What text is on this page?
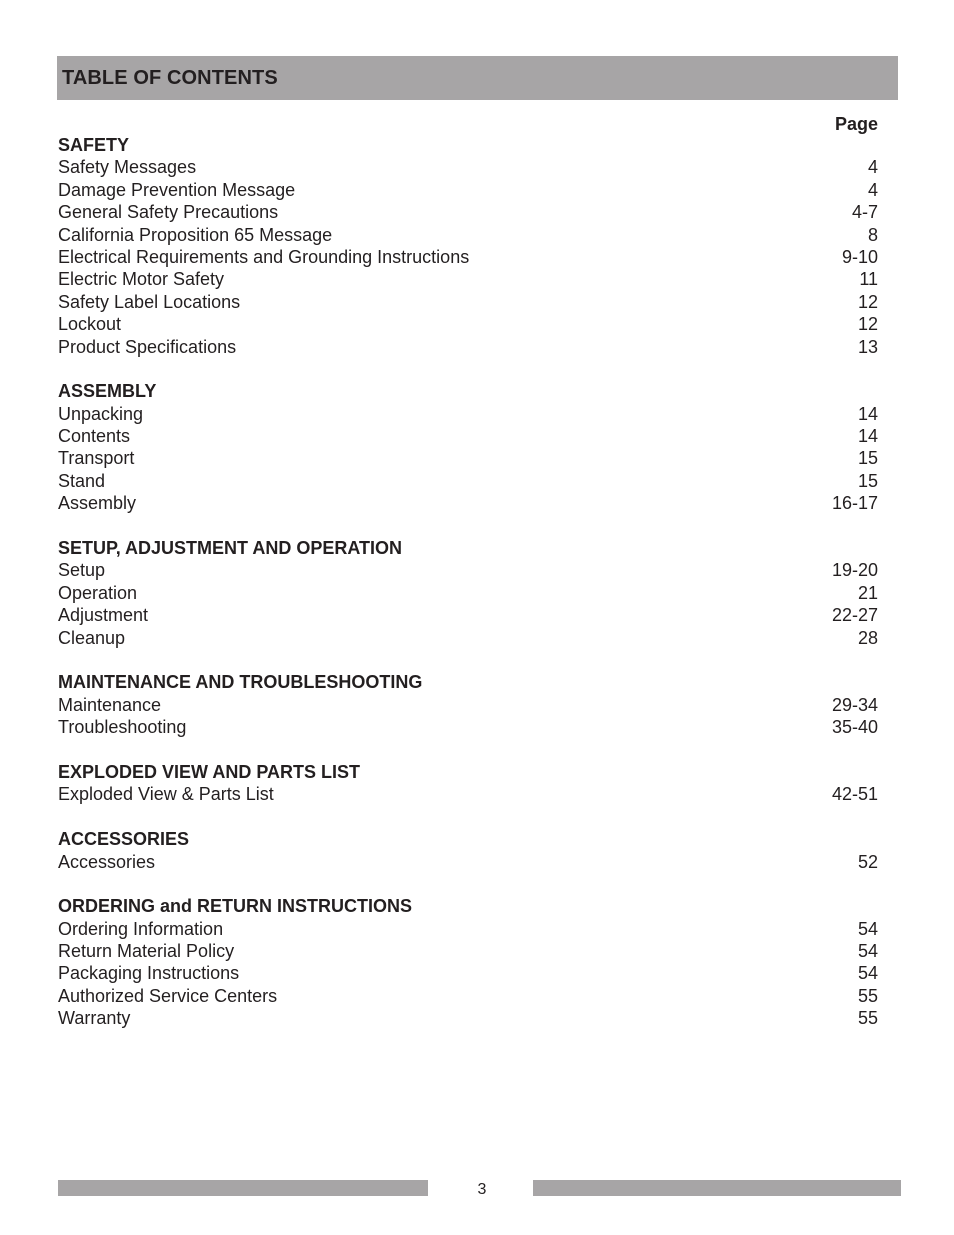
TABLE OF CONTENTS
Page
SAFETY
Safety Messages	4
Damage Prevention Message	4
General Safety Precautions	4-7
California Proposition 65 Message	8
Electrical Requirements and Grounding Instructions	9-10
Electric Motor Safety	11
Safety Label Locations	12
Lockout	12
Product Specifications	13
ASSEMBLY
Unpacking	14
Contents	14
Transport	15
Stand	15
Assembly	16-17
SETUP, ADJUSTMENT AND OPERATION
Setup	19-20
Operation	21
Adjustment	22-27
Cleanup	28
MAINTENANCE AND TROUBLESHOOTING
Maintenance	29-34
Troubleshooting	35-40
EXPLODED VIEW AND PARTS LIST
Exploded View & Parts List	42-51
ACCESSORIES
Accessories	52
ORDERING and RETURN INSTRUCTIONS
Ordering Information	54
Return Material Policy	54
Packaging Instructions	54
Authorized Service Centers	55
Warranty	55
3
